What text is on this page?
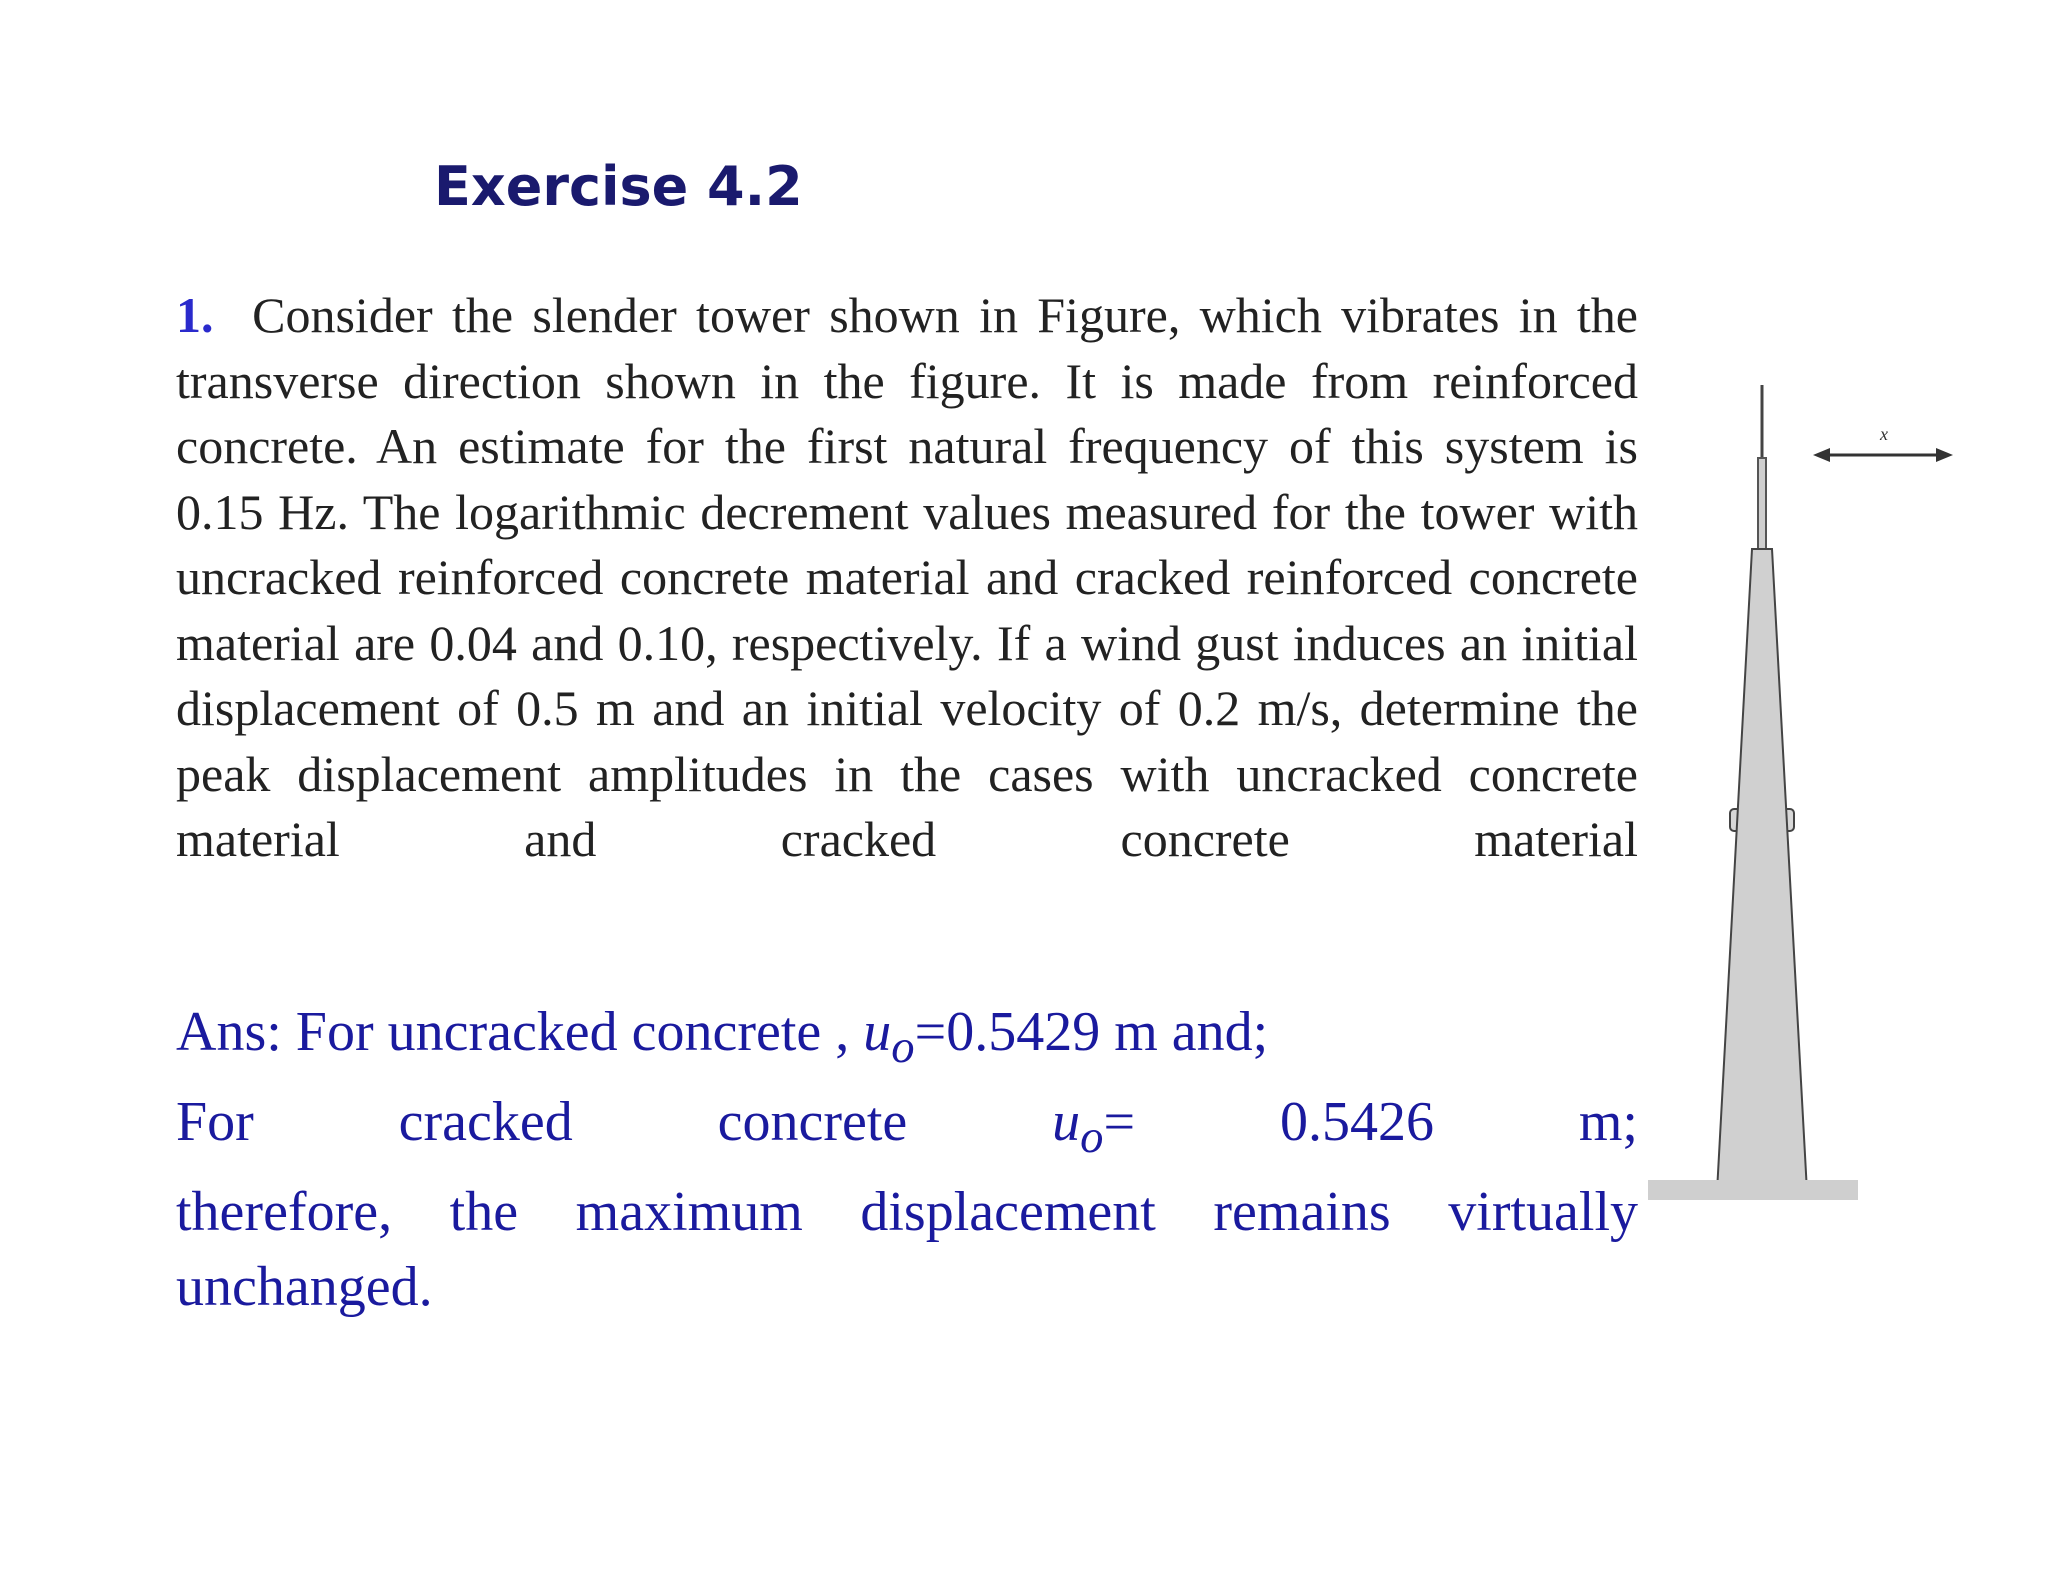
Exercise 4.2

1. Consider the slender tower shown in Figure, which vibrates in the transverse direction shown in the figure. It is made from reinforced concrete. An estimate for the first natural frequency of this system is 0.15 Hz. The logarithmic decrement values measured for the tower with uncracked reinforced concrete material and cracked reinforced concrete material are 0.04 and 0.10, respectively. If a wind gust induces an initial displacement of 0.5 m and an initial velocity of 0.2 m/s, determine the peak displacement amplitudes in the cases with uncracked concrete material and cracked concrete material

Ans: For uncracked concrete , $u_o=0.5429$ m and;
For	cracked	concrete	$u_o=$	0.5426	m;
therefore, the maximum displacement remains virtually unchanged.
x
